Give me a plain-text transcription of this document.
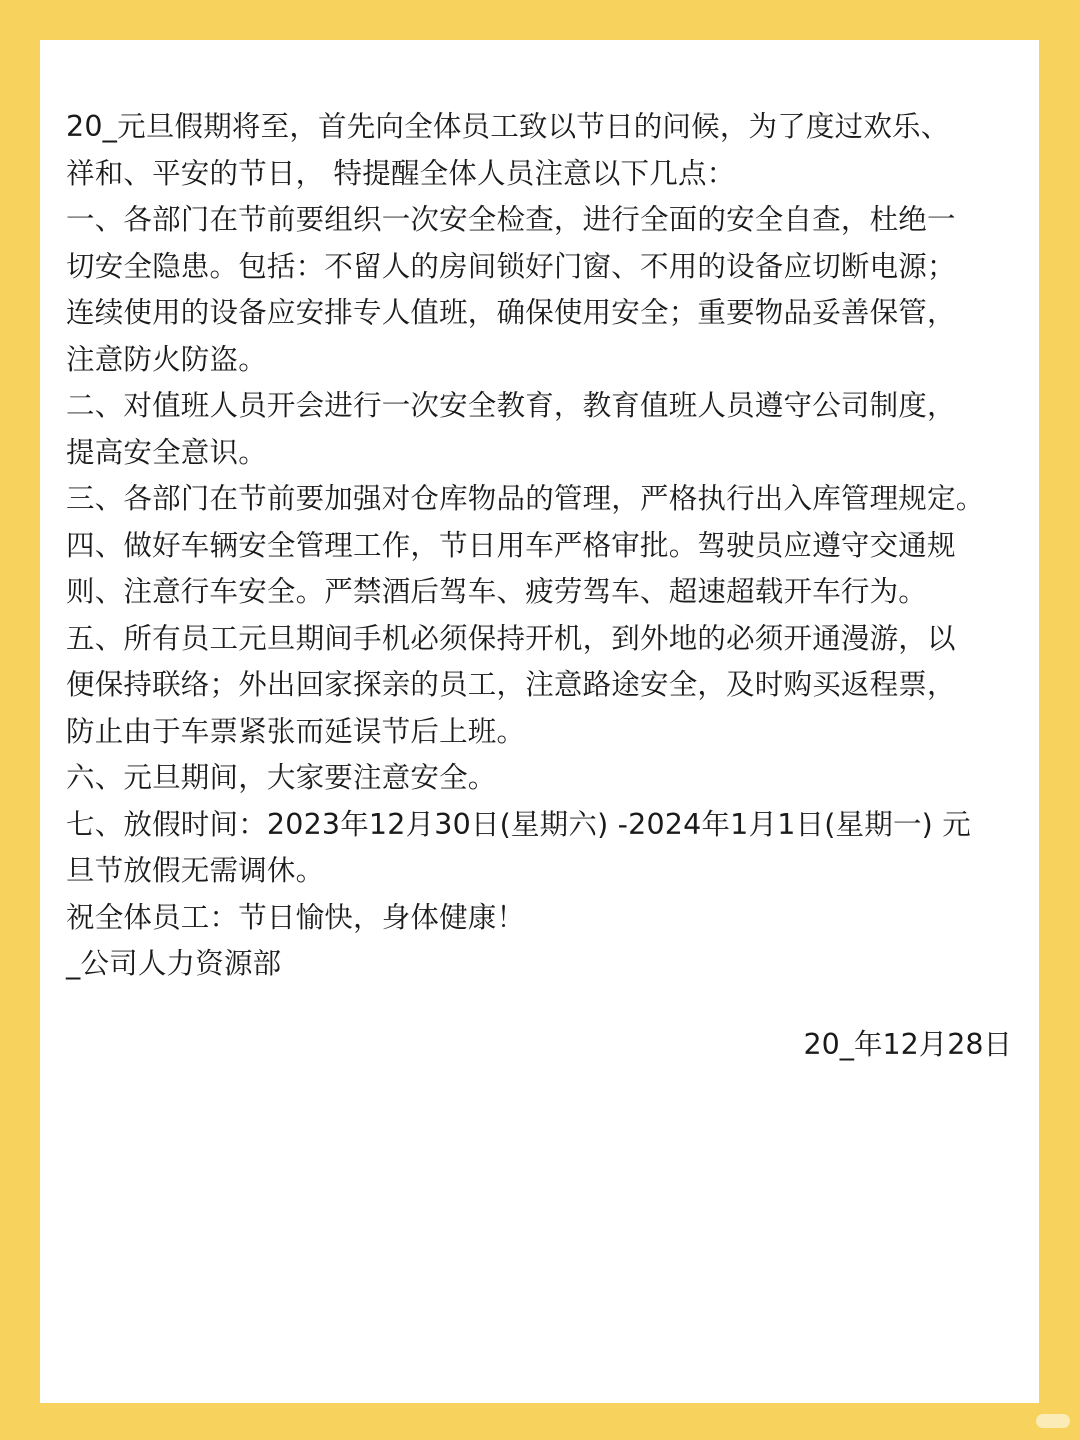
20_元旦假期将至，首先向全体员工致以节日的问候，为了度过欢乐、
祥和、平安的节日， 特提醒全体人员注意以下几点：
一、各部门在节前要组织一次安全检查，进行全面的安全自查，杜绝一
切安全隐患。包括：不留人的房间锁好门窗、不用的设备应切断电源；
连续使用的设备应安排专人值班，确保使用安全；重要物品妥善保管，
注意防火防盗。
二、对值班人员开会进行一次安全教育，教育值班人员遵守公司制度，
提高安全意识。
三、各部门在节前要加强对仓库物品的管理，严格执行出入库管理规定。
四、做好车辆安全管理工作，节日用车严格审批。驾驶员应遵守交通规
则、注意行车安全。严禁酒后驾车、疲劳驾车、超速超载开车行为。
五、所有员工元旦期间手机必须保持开机，到外地的必须开通漫游，以
便保持联络；外出回家探亲的员工，注意路途安全，及时购买返程票，
防止由于车票紧张而延误节后上班。
六、元旦期间，大家要注意安全。
七、放假时间：2023年12月30日(星期六) -2024年1月1日(星期一) 元
旦节放假无需调休。
祝全体员工：节日愉快，身体健康！
_公司人力资源部
20_年12月28日
